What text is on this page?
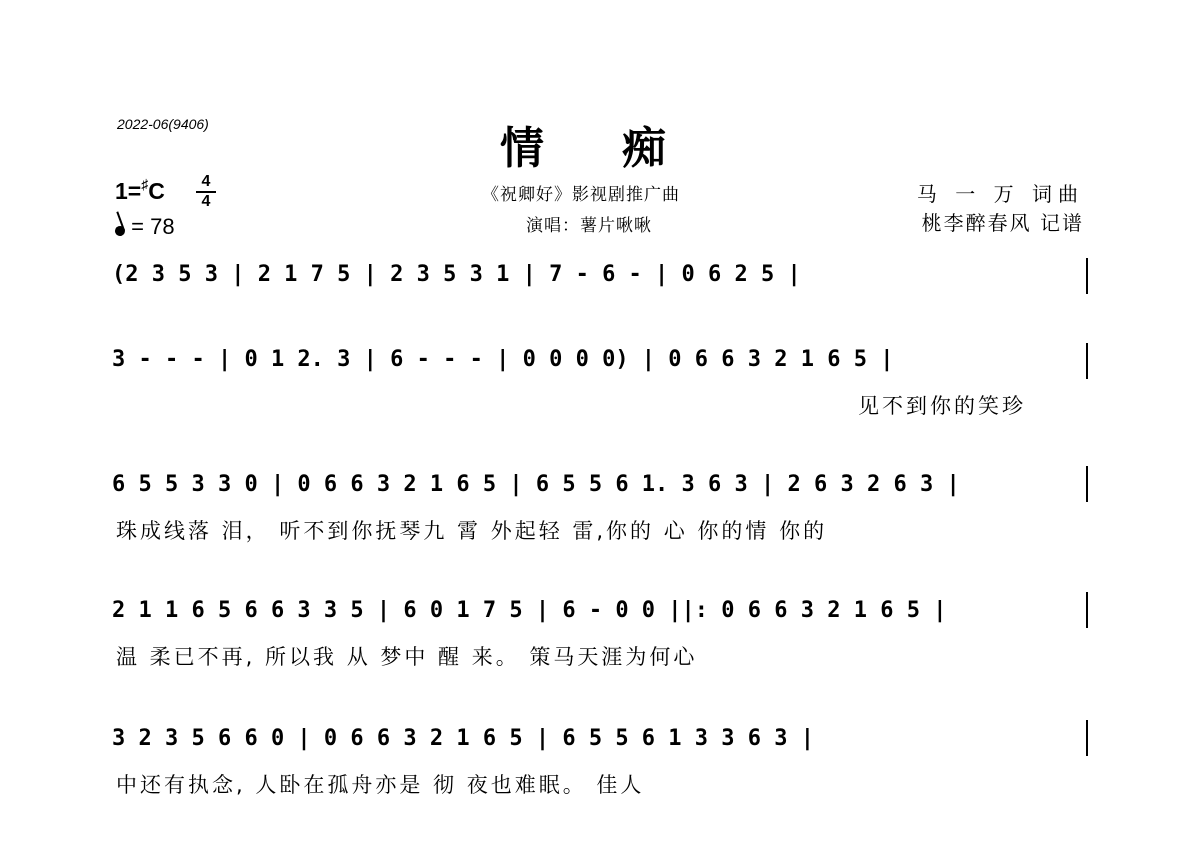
2022-06(9406)	情痴
《祝卿好》影视剧推广曲
演唱：薯片啾啾
马 一 万 词曲
桃李醉春风 记谱
1=♯C	4
4
= 78
(2 3 5 3 | 2 1 7 5 | 2 3 5 3 1 | 7 - 6 - | 0 6 2 5 |
3 - - - | 0 1 2. 3 | 6 - - - | 0 0 0 0) | 0 6 6 3 2 1 6 5 |
见不到你的笑珍
6 5 5 3 3 0 | 0 6 6 3 2 1 6 5 | 6 5 5 6 1. 3 6 3 | 2 6 3 2 6 3 |
珠成线落 泪， 听不到你抚琴九 霄 外起轻 雷,你的 心 你的情 你的
2 1 1 6 5 6 6 3 3 5 | 6 0 1 7 5 | 6 - 0 0 ||: 0 6 6 3 2 1 6 5 |
温 柔已不再, 所以我 从 梦中 醒 来。 策马天涯为何心
3 2 3 5 6 6 0 | 0 6 6 3 2 1 6 5 | 6 5 5 6 1 3 3 6 3 |
中还有执念, 人卧在孤舟亦是 彻 夜也难眠。 佳人
